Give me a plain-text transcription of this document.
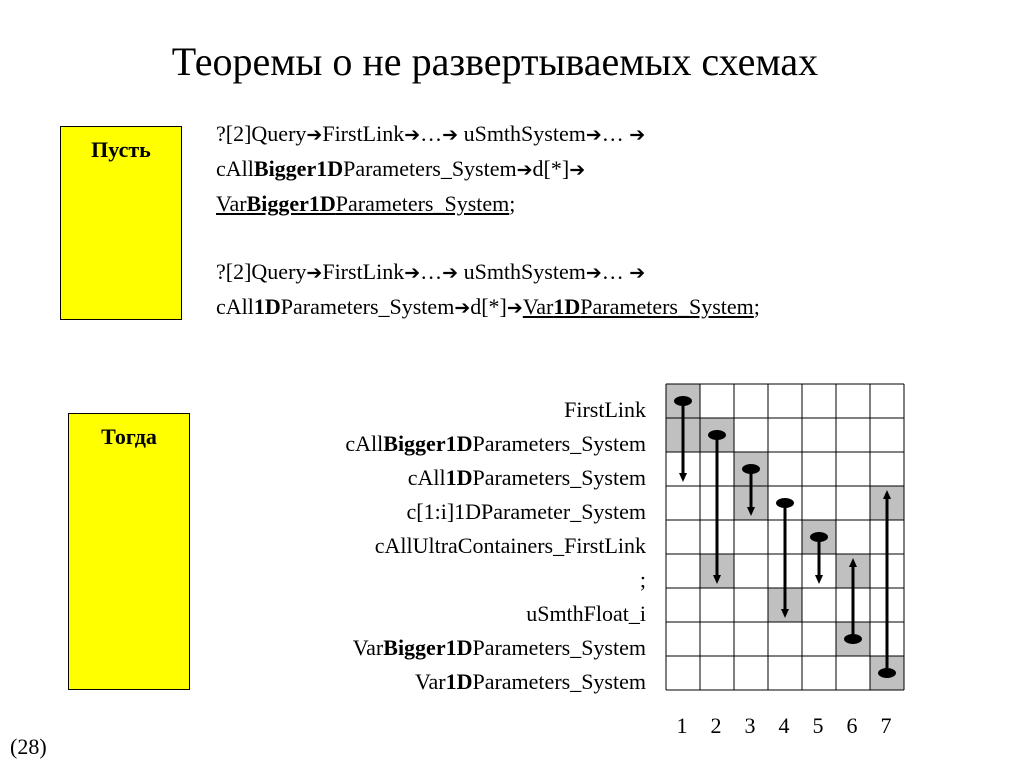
Теоремы о не развертываемых схемах
Пусть
Тогда
?[2]Query➔FirstLink➔…➔ uSmthSystem➔… ➔
cAllBigger1DParameters_System➔d[*]➔
VarBigger1DParameters_System;
?[2]Query➔FirstLink➔…➔ uSmthSystem➔… ➔
cAll1DParameters_System➔d[*]➔Var1DParameters_System;
FirstLink
cAllBigger1DParameters_System
cAll1DParameters_System
c[1:i]1DParameter_System
cAllUltraContainers_FirstLink
;
uSmthFloat_i
VarBigger1DParameters_System
Var1DParameters_System
1	2	3	4	5	6	7
(28)
